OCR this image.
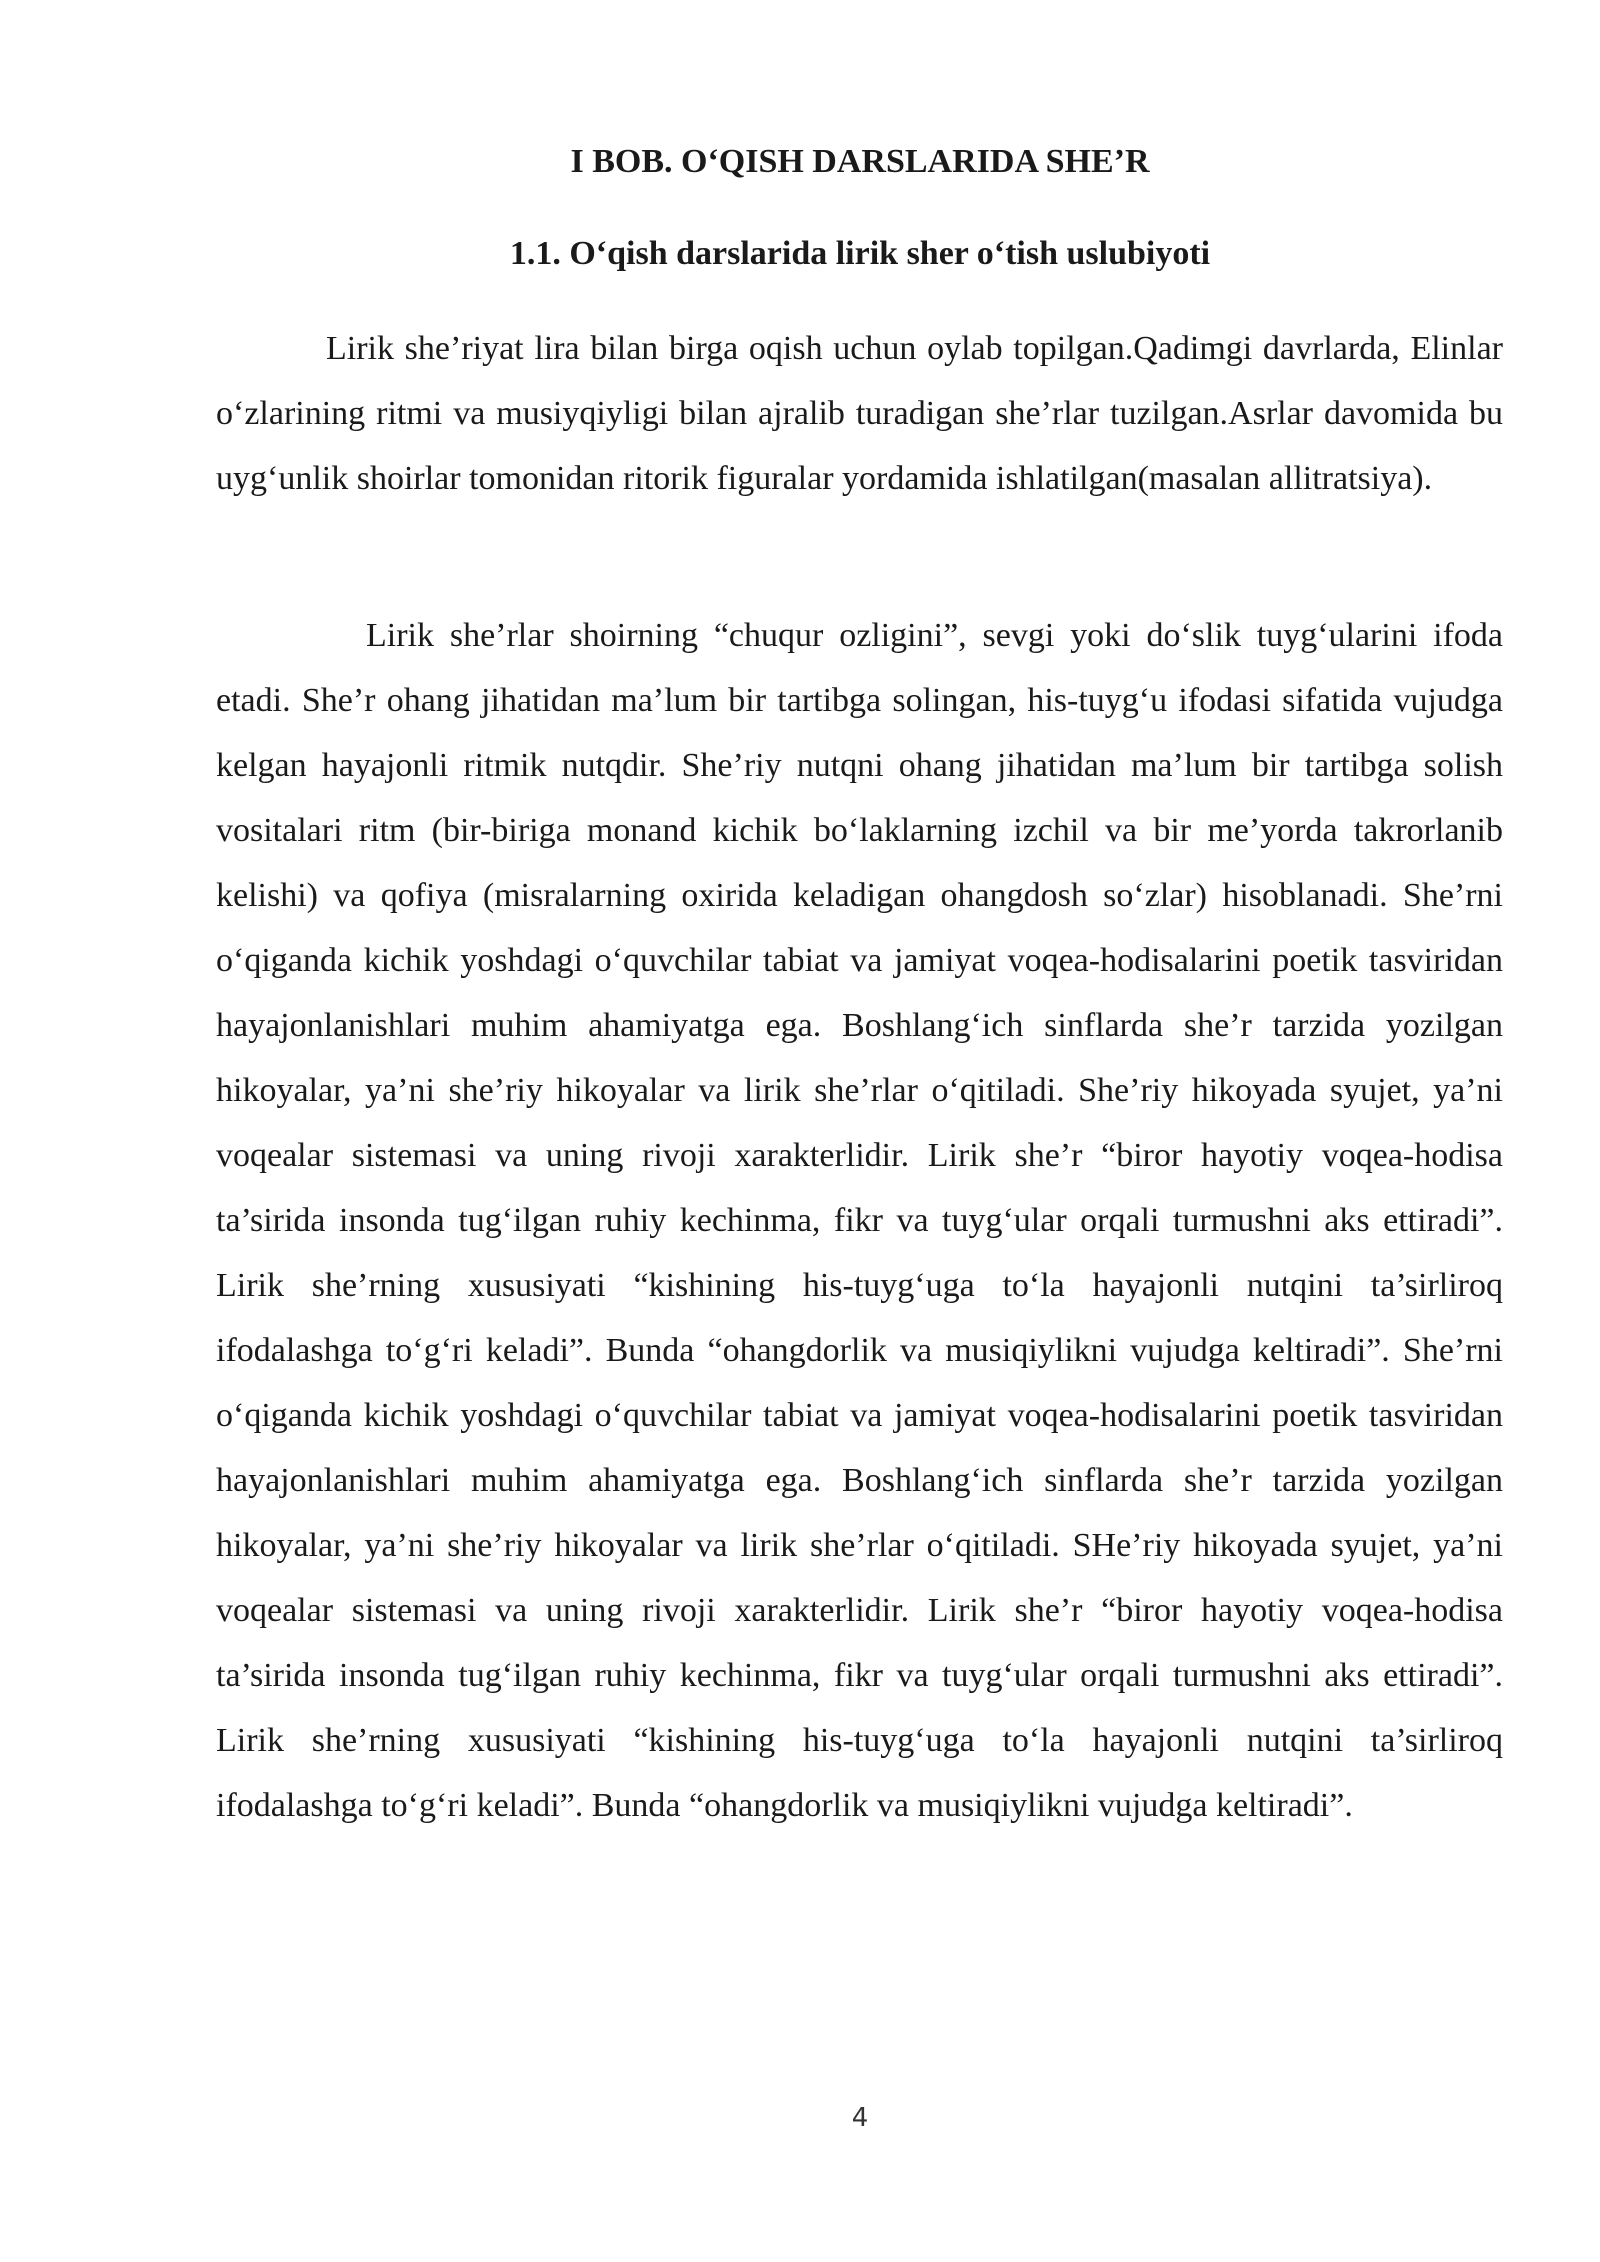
I BOB. O‘QISH DARSLARIDA SHE’R
1.1. O‘qish darslarida lirik sher o‘tish uslubiyoti

Lirik she’riyat lira bilan birga oqish uchun oylab topilgan.Qadimgi davrlarda, Elinlar o‘zlarining ritmi va musiyqiyligi bilan ajralib turadigan she’rlar tuzilgan.Asrlar davomida bu uyg‘unlik shoirlar tomonidan ritorik figuralar yordamida ishlatilgan(masalan allitratsiya).

Lirik she’rlar shoirning “chuqur ozligini”, sevgi yoki do‘slik tuyg‘ularini ifoda etadi. She’r ohang jihatidan ma’lum bir tartibga solingan, his-tuyg‘u ifodasi sifatida vujudga kelgan hayajonli ritmik nutqdir. She’riy nutqni ohang jihatidan ma’lum bir tartibga solish vositalari ritm (bir-biriga monand kichik bo‘laklarning izchil va bir me’yorda takrorlanib kelishi) va qofiya (misralarning oxirida keladigan ohangdosh so‘zlar) hisoblanadi. She’rni o‘qiganda kichik yoshdagi o‘quvchilar tabiat va jamiyat voqea-hodisalarini poetik tasviridan hayajonlanishlari muhim ahamiyatga ega. Boshlang‘ich sinflarda she’r tarzida yozilgan hikoyalar, ya’ni she’riy hikoyalar va lirik she’rlar o‘qitiladi. She’riy hikoyada syujet, ya’ni voqealar sistemasi va uning rivoji xarakterlidir. Lirik she’r “biror hayotiy voqea-hodisa ta’sirida insonda tug‘ilgan ruhiy kechinma, fikr va tuyg‘ular orqali turmushni aks ettiradi”. Lirik she’rning xususiyati “kishining his-tuyg‘uga to‘la hayajonli nutqini ta’sirliroq ifodalashga to‘g‘ri keladi”. Bunda “ohangdorlik va musiqiylikni vujudga keltiradi”. She’rni o‘qiganda kichik yoshdagi o‘quvchilar tabiat va jamiyat voqea-hodisalarini poetik tasviridan hayajonlanishlari muhim ahamiyatga ega. Boshlang‘ich sinflarda she’r tarzida yozilgan hikoyalar, ya’ni she’riy hikoyalar va lirik she’rlar o‘qitiladi. SHe’riy hikoyada syujet, ya’ni voqealar sistemasi va uning rivoji xarakterlidir. Lirik she’r “biror hayotiy voqea-hodisa ta’sirida insonda tug‘ilgan ruhiy kechinma, fikr va tuyg‘ular orqali turmushni aks ettiradi”. Lirik she’rning xususiyati “kishining his-tuyg‘uga to‘la hayajonli nutqini ta’sirliroq ifodalashga to‘g‘ri keladi”. Bunda “ohangdorlik va musiqiylikni vujudga keltiradi”.

4
